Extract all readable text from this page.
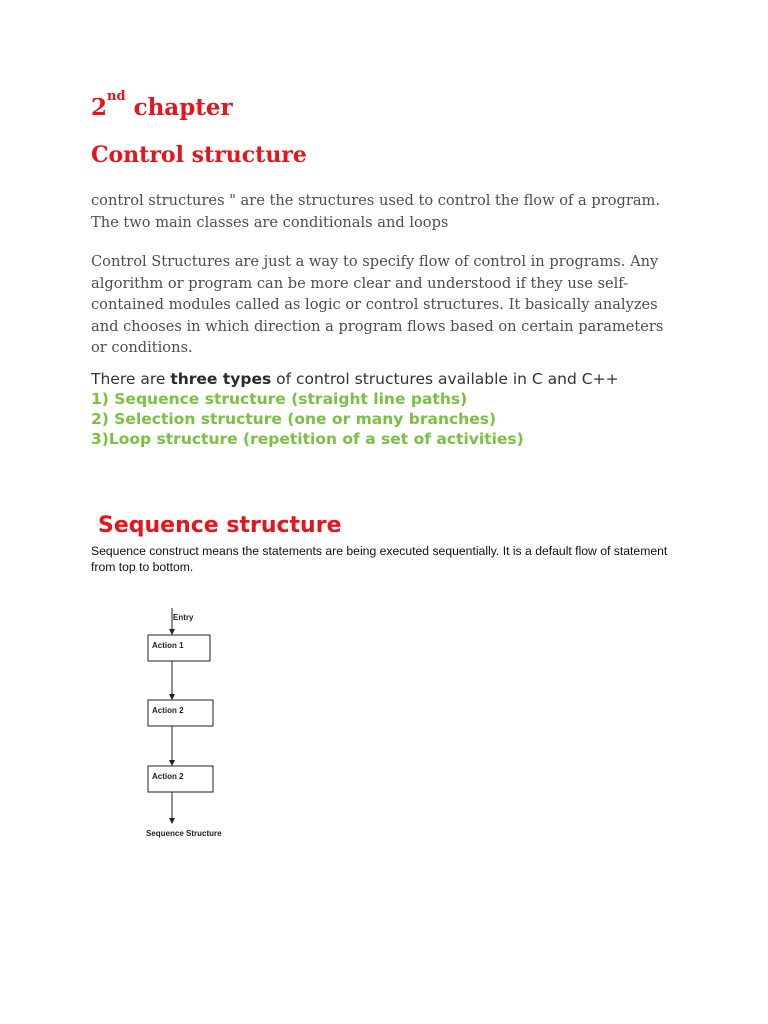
2nd chapter
Control structure

control structures " are the structures used to control the flow of a program. The two main classes are conditionals and loops

Control Structures are just a way to specify flow of control in programs. Any algorithm or program can be more clear and understood if they use self-contained modules called as logic or control structures. It basically analyzes and chooses in which direction a program flows based on certain parameters or conditions.

There are three types of control structures available in C and C++
1) Sequence structure (straight line paths)
2) Selection structure (one or many branches)
3)Loop structure (repetition of a set of activities)
Sequence structure

Sequence construct means the statements are being executed sequentially. It is a default flow of statement from top to bottom.

Entry
Action 1
Action 2
Action 2
Sequence Structure
